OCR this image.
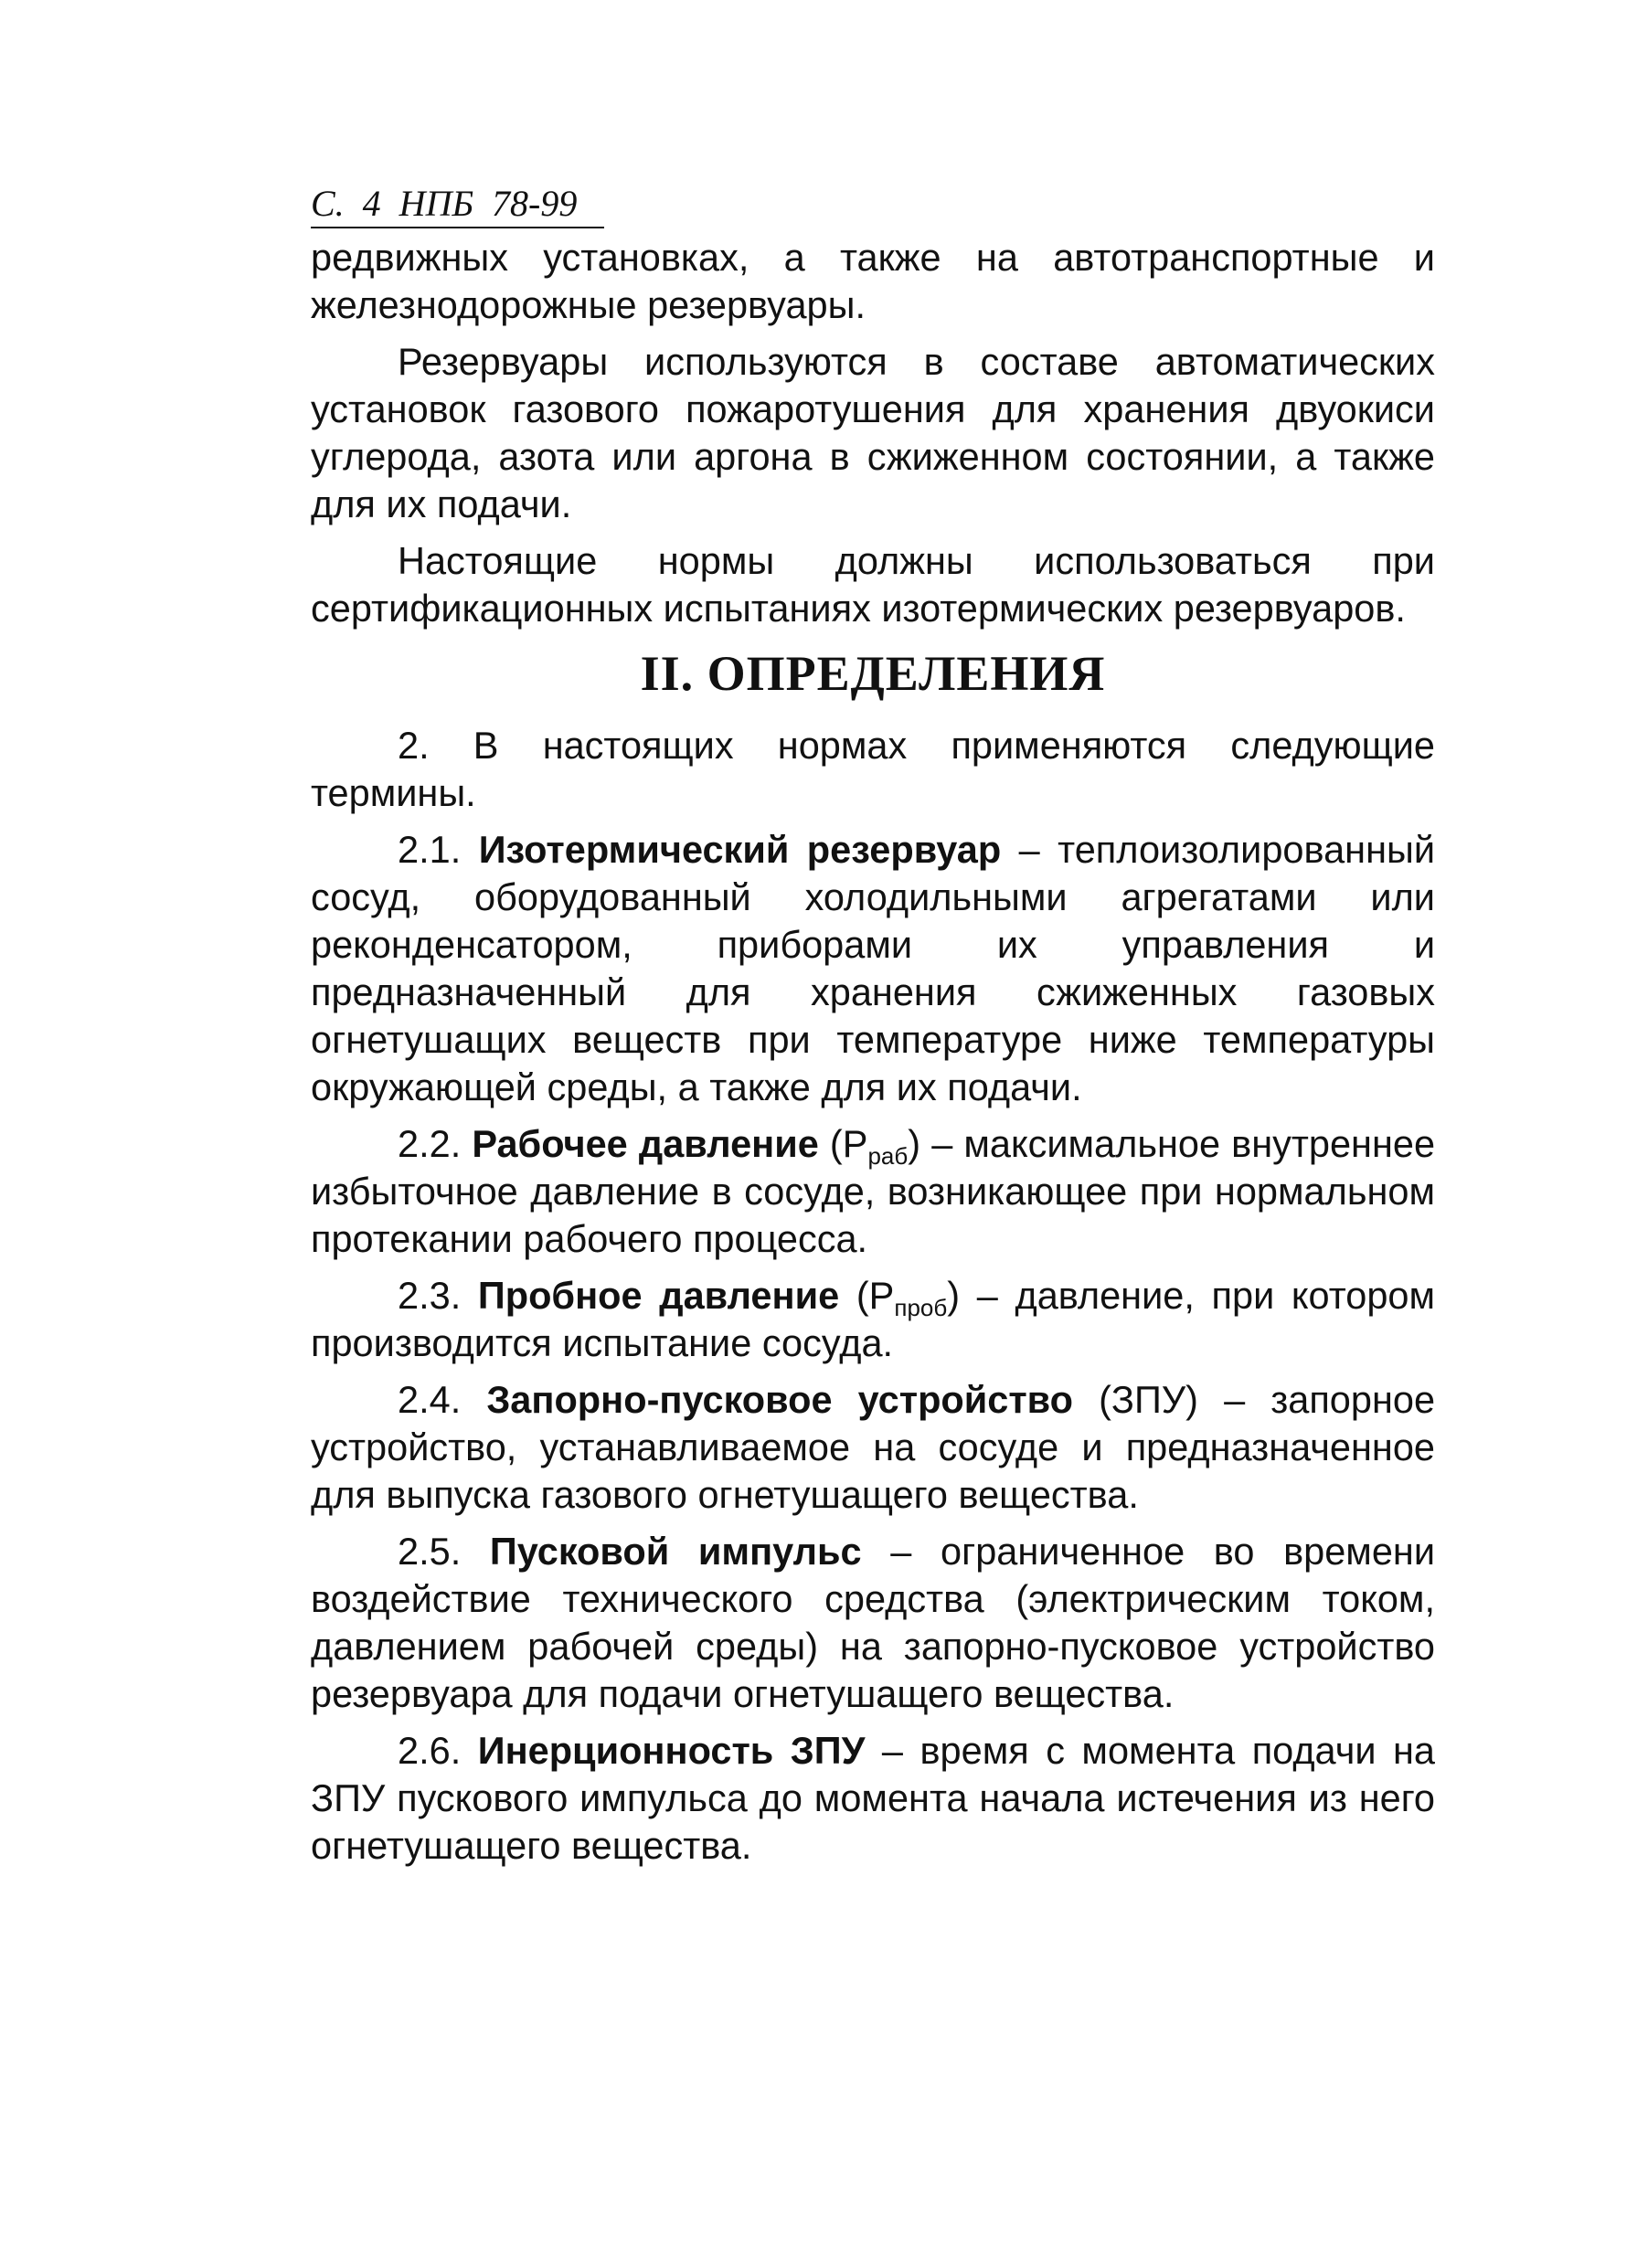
С. 4 НПБ 78-99

редвижных установках, а также на автотранспортные и железнодорожные резервуары.

Резервуары используются в составе автоматических установок газового пожаротушения для хранения двуокиси углерода, азота или аргона в сжиженном состоянии, а также для их подачи.

Настоящие нормы должны использоваться при сертификационных испытаниях изотермических резервуаров.

II. ОПРЕДЕЛЕНИЯ

2. В настоящих нормах применяются следующие термины.

2.1. Изотермический резервуар – теплоизолированный сосуд, оборудованный холодильными агрегатами или реконденсатором, приборами их управления и предназначенный для хранения сжиженных газовых огнетушащих веществ при температуре ниже температуры окружающей среды, а также для их подачи.

2.2. Рабочее давление $(P_{раб})$ – максимальное внутреннее избыточное давление в сосуде, возникающее при нормальном протекании рабочего процесса.

2.3. Пробное давление $(P_{проб})$ – давление, при котором производится испытание сосуда.

2.4. Запорно-пусковое устройство (ЗПУ) – запорное устройство, устанавливаемое на сосуде и предназначенное для выпуска газового огнетушащего вещества.

2.5. Пусковой импульс – ограниченное во времени воздействие технического средства (электрическим током, давлением рабочей среды) на запорно-пусковое устройство резервуара для подачи огнетушащего вещества.

2.6. Инерционность ЗПУ – время с момента подачи на ЗПУ пускового импульса до момента начала истечения из него огнетушащего вещества.
